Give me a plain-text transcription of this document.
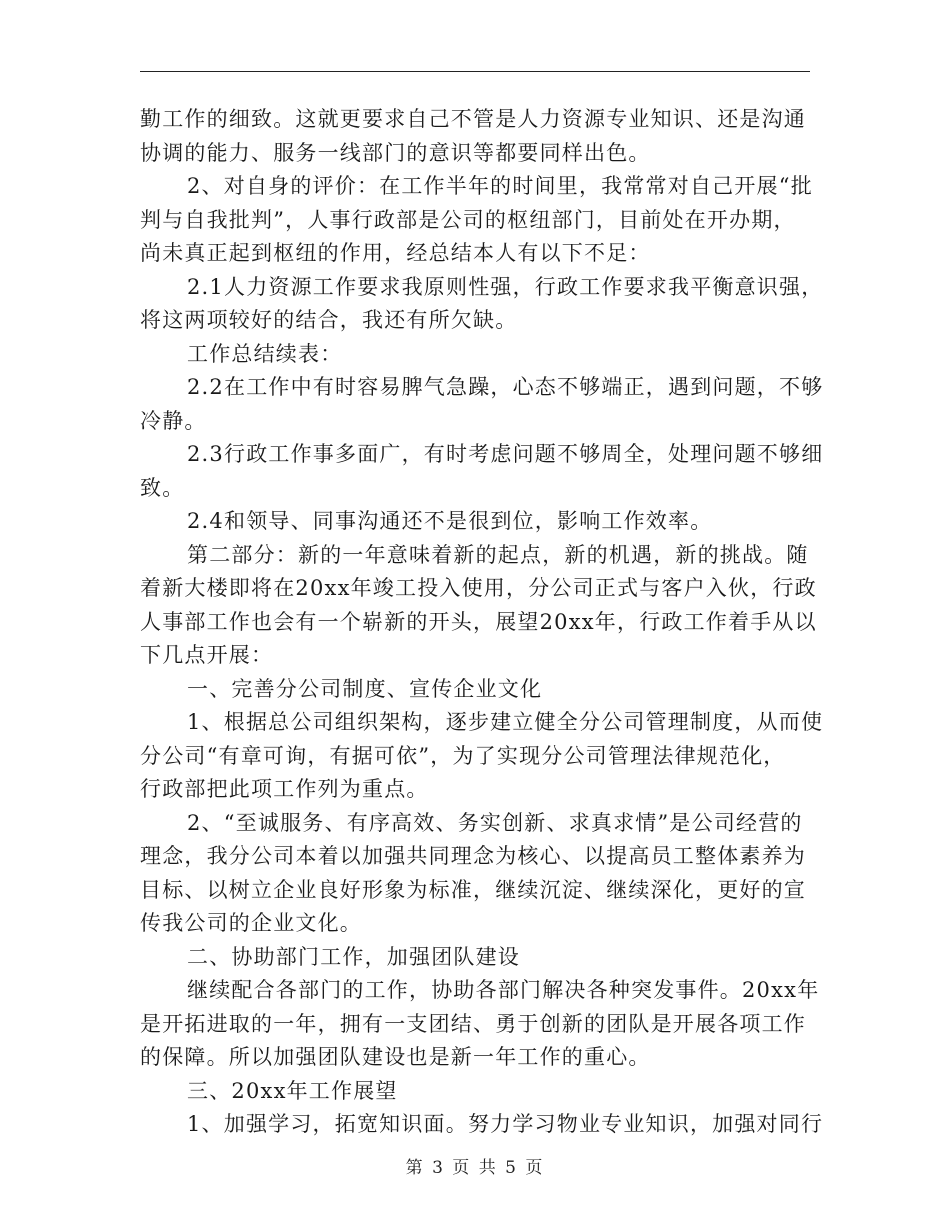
勤工作的细致。这就更要求自己不管是人力资源专业知识、还是沟通
协调的能力、服务一线部门的意识等都要同样出色。
2、对自身的评价：在工作半年的时间里，我常常对自己开展“批
判与自我批判”，人事行政部是公司的枢纽部门，目前处在开办期，
尚未真正起到枢纽的作用，经总结本人有以下不足：
2.1人力资源工作要求我原则性强，行政工作要求我平衡意识强，
将这两项较好的结合，我还有所欠缺。
工作总结续表：
2.2在工作中有时容易脾气急躁，心态不够端正，遇到问题，不够
冷静。
2.3行政工作事多面广，有时考虑问题不够周全，处理问题不够细
致。
2.4和领导、同事沟通还不是很到位，影响工作效率。
第二部分：新的一年意味着新的起点，新的机遇，新的挑战。随
着新大楼即将在20xx年竣工投入使用，分公司正式与客户入伙，行政
人事部工作也会有一个崭新的开头，展望20xx年，行政工作着手从以
下几点开展：
一、完善分公司制度、宣传企业文化
1、根据总公司组织架构，逐步建立健全分公司管理制度，从而使
分公司“有章可询，有据可依”，为了实现分公司管理法律规范化，
行政部把此项工作列为重点。
2、“至诚服务、有序高效、务实创新、求真求情”是公司经营的
理念，我分公司本着以加强共同理念为核心、以提高员工整体素养为
目标、以树立企业良好形象为标准，继续沉淀、继续深化，更好的宣
传我公司的企业文化。
二、协助部门工作，加强团队建设
继续配合各部门的工作，协助各部门解决各种突发事件。20xx年
是开拓进取的一年，拥有一支团结、勇于创新的团队是开展各项工作
的保障。所以加强团队建设也是新一年工作的重心。
三、20xx年工作展望
1、加强学习，拓宽知识面。努力学习物业专业知识，加强对同行
第 3 页 共 5 页
